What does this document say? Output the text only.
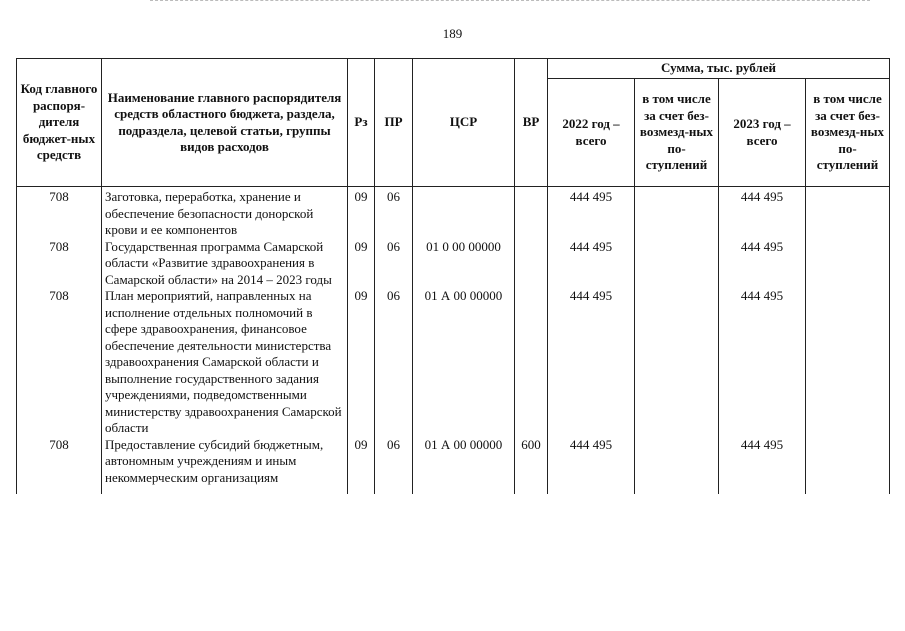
189
Код главного распоря-дителя бюджет-ных средств	Наименование главного распорядителя средств областного бюджета, раздела, подраздела, целевой статьи, группы видов расходов	Рз	ПР	ЦСР	ВР	Сумма, тыс. рублей			
						2022 год – всего	в том числе за счет без-возмезд-ных по-ступлений	2023 год – всего	в том числе за счет без-возмезд-ных по-ступлений
708	Заготовка, переработка, хранение и обеспечение безопасности донорской крови и ее компонентов	09	06			444 495		444 495	
708	Государственная программа Самарской области «Развитие здравоохранения в Самарской области» на 2014 – 2023 годы	09	06	01 0 00 00000		444 495		444 495	
708	План мероприятий, направленных на исполнение отдельных полномочий в сфере здравоохранения, финансовое обеспечение деятельности министерства здравоохранения Самарской области и выполнение государственного задания учреждениями, подведомственными министерству здравоохранения Самарской области	09	06	01 А 00 00000		444 495		444 495	
708	Предоставление субсидий бюджетным, автономным учреждениям и иным некоммерческим организациям	09	06	01 А 00 00000	600	444 495		444 495	
